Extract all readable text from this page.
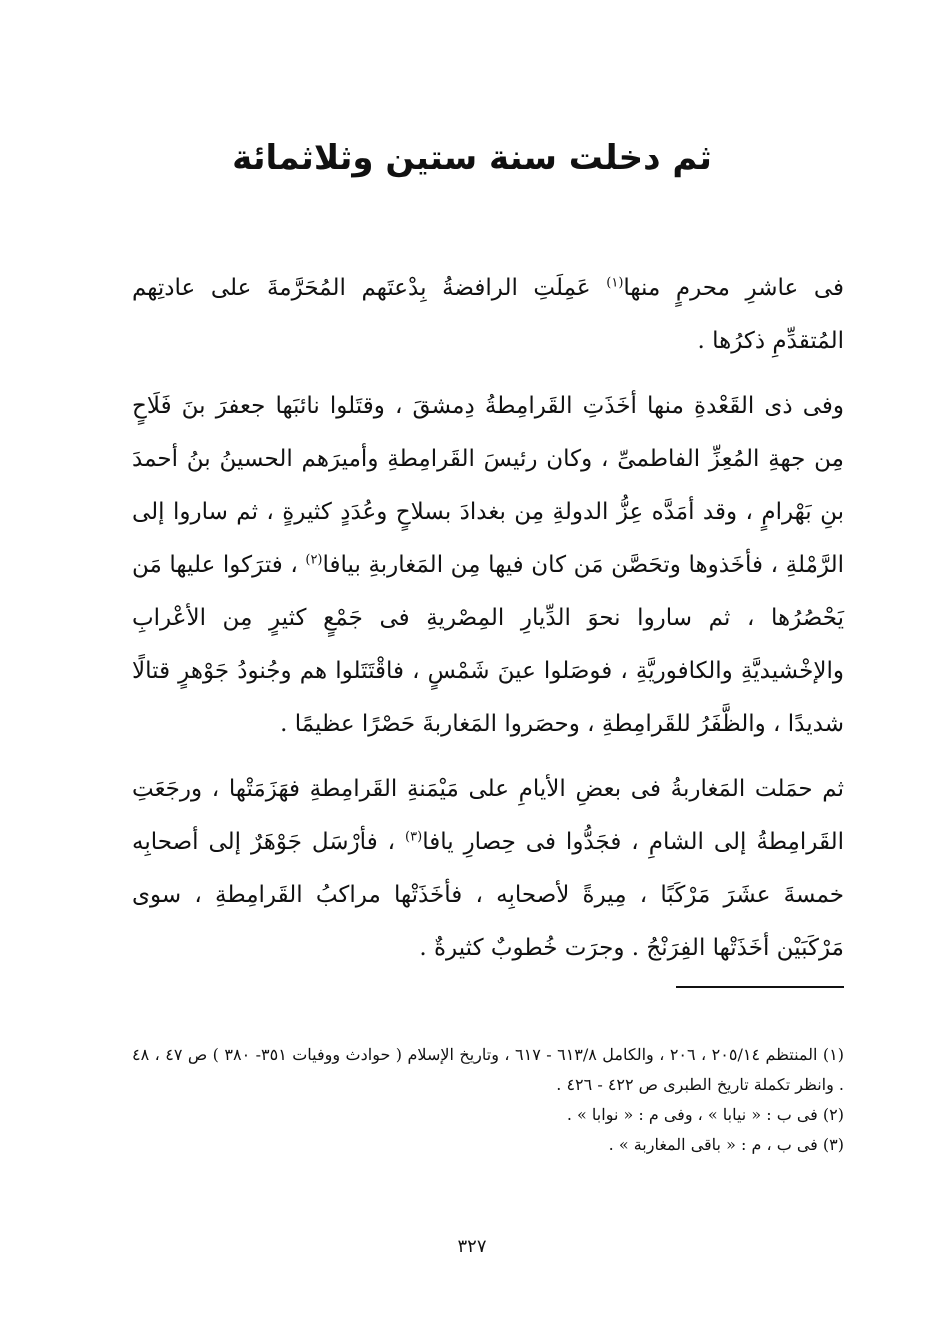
ثم دخلت سنة ستين وثلاثمائة

فى عاشرِ محرمٍ منها$^{(١)}$ عَمِلَتِ الرافضةُ بِدْعتَهم المُحَرَّمةَ على عادتِهم المُتقدِّمِ ذكرُها .

وفى ذى القَعْدةِ منها أخَذَتِ القَرامِطةُ دِمشقَ ، وقتَلوا نائبَها جعفرَ بنَ فَلَاحٍ مِن جهةِ المُعِزِّ الفاطمىِّ ، وكان رئيسَ القَرامِطةِ وأميرَهم الحسينُ بنُ أحمدَ بنِ بَهْرامٍ ، وقد أمَدَّه عِزُّ الدولةِ مِن بغدادَ بسلاحٍ وعُدَدٍ كثيرةٍ ، ثم ساروا إلى الرَّمْلةِ ، فأخَذوها وتحَصَّن مَن كان فيها مِن المَغاربةِ بيافا$^{(٢)}$ ، فترَكوا عليها مَن يَحْصُرُها ، ثم ساروا نحوَ الدِّيارِ المِصْريةِ فى جَمْعٍ كثيرٍ مِن الأعْرابِ والإخْشيديَّةِ والكافوريَّةِ ، فوصَلوا عينَ شَمْسٍ ، فاقْتَتَلوا هم وجُنودُ جَوْهرٍ قتالًا شديدًا ، والظَّفَرُ للقَرامِطةِ ، وحصَروا المَغاربةَ حَصْرًا عظيمًا .

ثم حمَلت المَغاربةُ فى بعضِ الأيامِ على مَيْمَنةِ القَرامِطةِ فهَزَمَتْها ، ورجَعَتِ القَرامِطةُ إلى الشامِ ، فجَدُّوا فى حِصارِ يافا$^{(٣)}$ ، فأرْسَل جَوْهَرٌ إلى أصحابِه خمسةَ عشَرَ مَرْكَبًا ، مِيرةً لأصحابِه ، فأخَذَتْها مراكبُ القَرامِطةِ ، سوى مَرْكَبَيْن أخَذَتْها الفِرَنْجُ . وجرَت خُطوبٌ كثيرةٌ .

(١) المنتظم ٢٠٥/١٤ ، ٢٠٦ ، والكامل ٦١٣/٨ - ٦١٧ ، وتاريخ الإسلام ( حوادث ووفيات ٣٥١- ٣٨٠ ) ص ٤٧ ، ٤٨ . وانظر تكملة تاريخ الطبرى ص ٤٢٢ - ٤٢٦ .

(٢) فى ب : « نيابا » ، وفى م : « نوابا » .

(٣) فى ب ، م : « باقى المغاربة » .

٣٢٧
